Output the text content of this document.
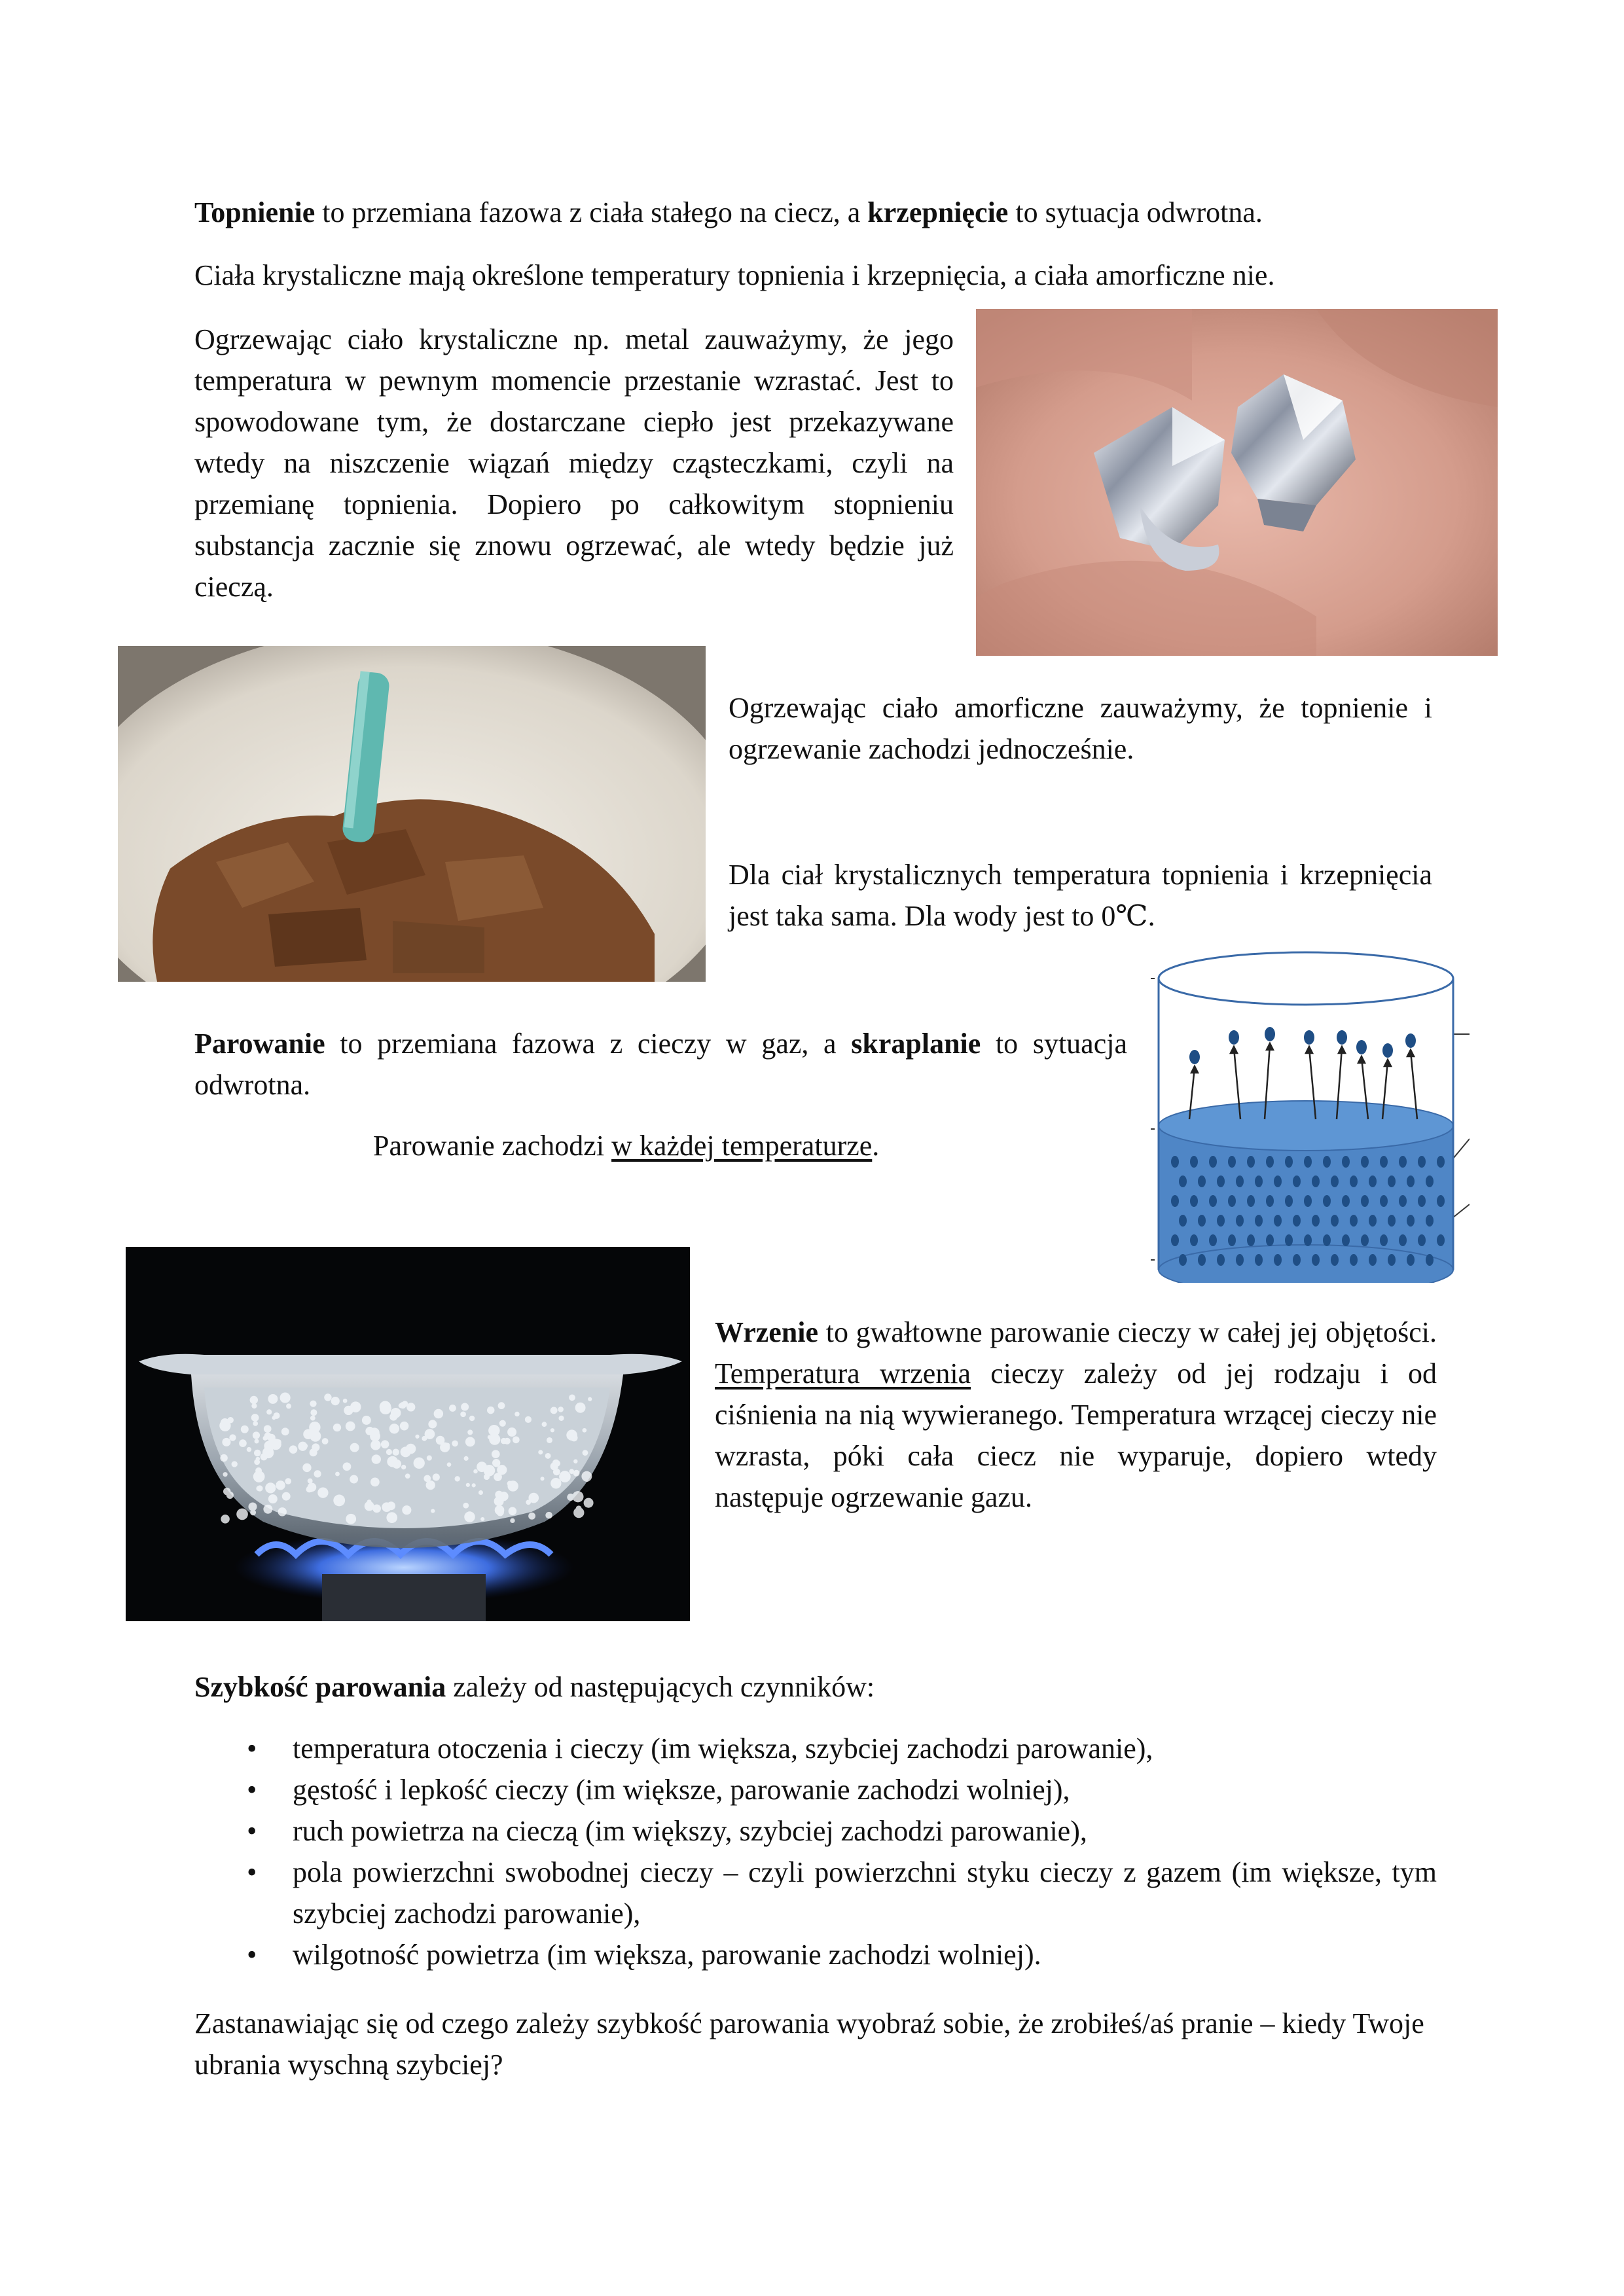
Topnienie to przemiana fazowa z ciała stałego na ciecz, a krzepnięcie to sytuacja odwrotna.

Ciała krystaliczne mają określone temperatury topnienia i krzepnięcia, a ciała amorficzne nie.

Ogrzewając ciało krystaliczne np. metal zauważymy, że jego temperatura w pewnym momencie przestanie wzrastać. Jest to spowodowane tym, że dostarczane ciepło jest przekazywane wtedy na niszczenie wiązań między cząsteczkami, czyli na przemianę topnienia. Dopiero po całkowitym stopnieniu substancja zacznie się znowu ogrzewać, ale wtedy będzie już cieczą.

Ogrzewając ciało amorficzne zauważymy, że topnienie i ogrzewanie zachodzi jednocześnie.

Dla ciał krystalicznych temperatura topnienia i krzepnięcia jest taka sama. Dla wody jest to 0℃.

Parowanie to przemiana fazowa z cieczy w gaz, a skraplanie to sytuacja odwrotna.

Parowanie zachodzi w każdej temperaturze.

Wrzenie to gwałtowne parowanie cieczy w całej jej objętości. Temperatura wrzenia cieczy zależy od jej rodzaju i od ciśnienia na nią wywieranego. Temperatura wrzącej cieczy nie wzrasta, póki cała ciecz nie wyparuje, dopiero wtedy następuje ogrzewanie gazu.

Szybkość parowania zależy od następujących czynników:

• temperatura otoczenia i cieczy (im większa, szybciej zachodzi parowanie),
• gęstość i lepkość cieczy (im większe, parowanie zachodzi wolniej),
• ruch powietrza na cieczą (im większy, szybciej zachodzi parowanie),
• pola powierzchni swobodnej cieczy – czyli powierzchni styku cieczy z gazem (im większe, tym szybciej zachodzi parowanie),
• wilgotność powietrza (im większa, parowanie zachodzi wolniej).

Zastanawiając się od czego zależy szybkość parowania wyobraź sobie, że zrobiłeś/aś pranie – kiedy Twoje ubrania wyschną szybciej?
